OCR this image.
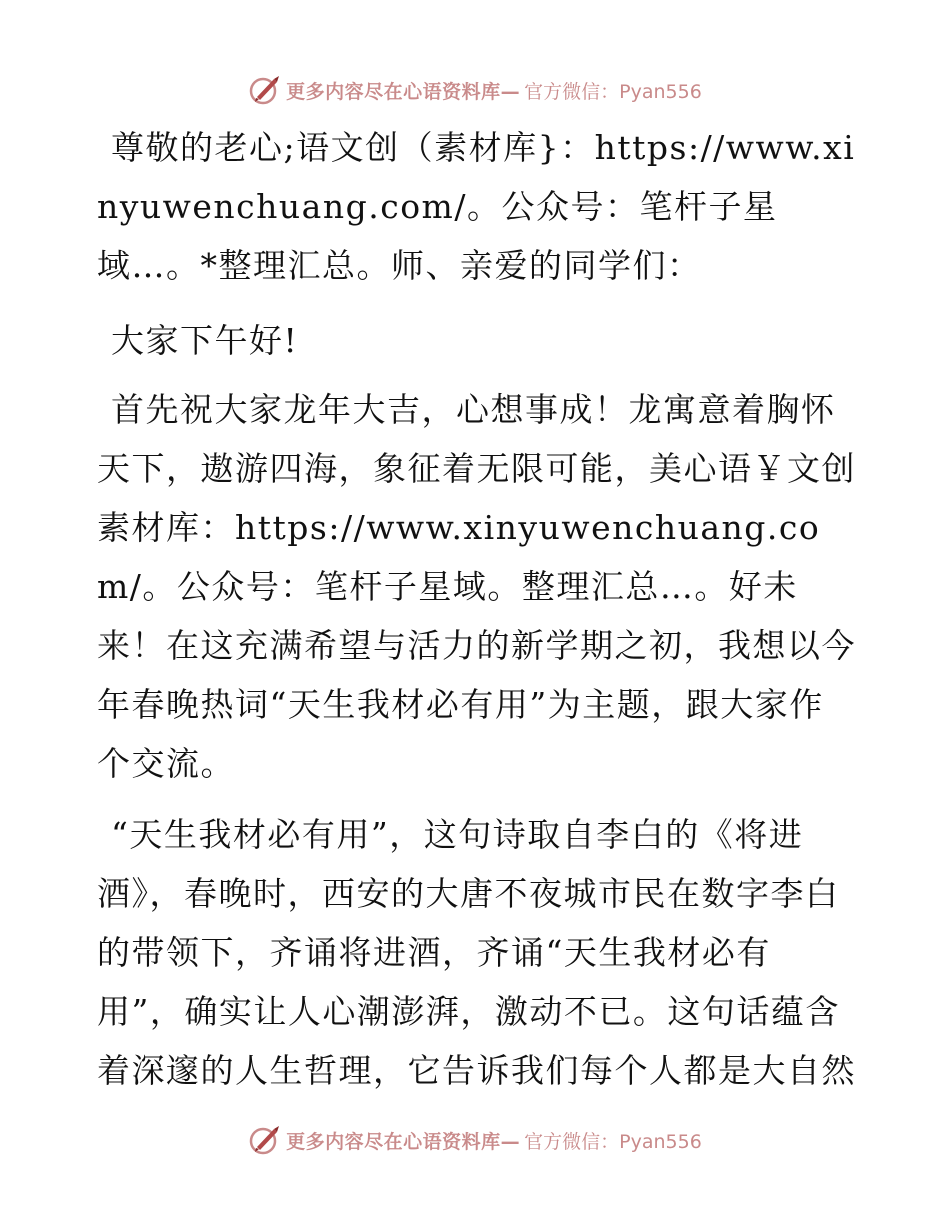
更多内容尽在心语资料库— 官方微信：Pyan556

尊敬的老心;语文创（素材库}：https://www.xinyuwenchuang.com/。公众号：笔杆子星域…。*整理汇总。师、亲爱的同学们：

大家下午好!

首先祝大家龙年大吉，心想事成！龙寓意着胸怀天下，遨游四海，象征着无限可能，美心语￥文创素材库：https://www.xinyuwenchuang.com/。公众号：笔杆子星域。整理汇总…。好未来！在这充满希望与活力的新学期之初，我想以今年春晚热词“天生我材必有用”为主题，跟大家作个交流。

“天生我材必有用”，这句诗取自李白的《将进酒》，春晚时，西安的大唐不夜城市民在数字李白的带领下，齐诵将进酒，齐诵“天生我材必有用”，确实让人心潮澎湃，激动不已。这句话蕴含着深邃的人生哲理，它告诉我们每个人都是大自然

更多内容尽在心语资料库— 官方微信：Pyan556
